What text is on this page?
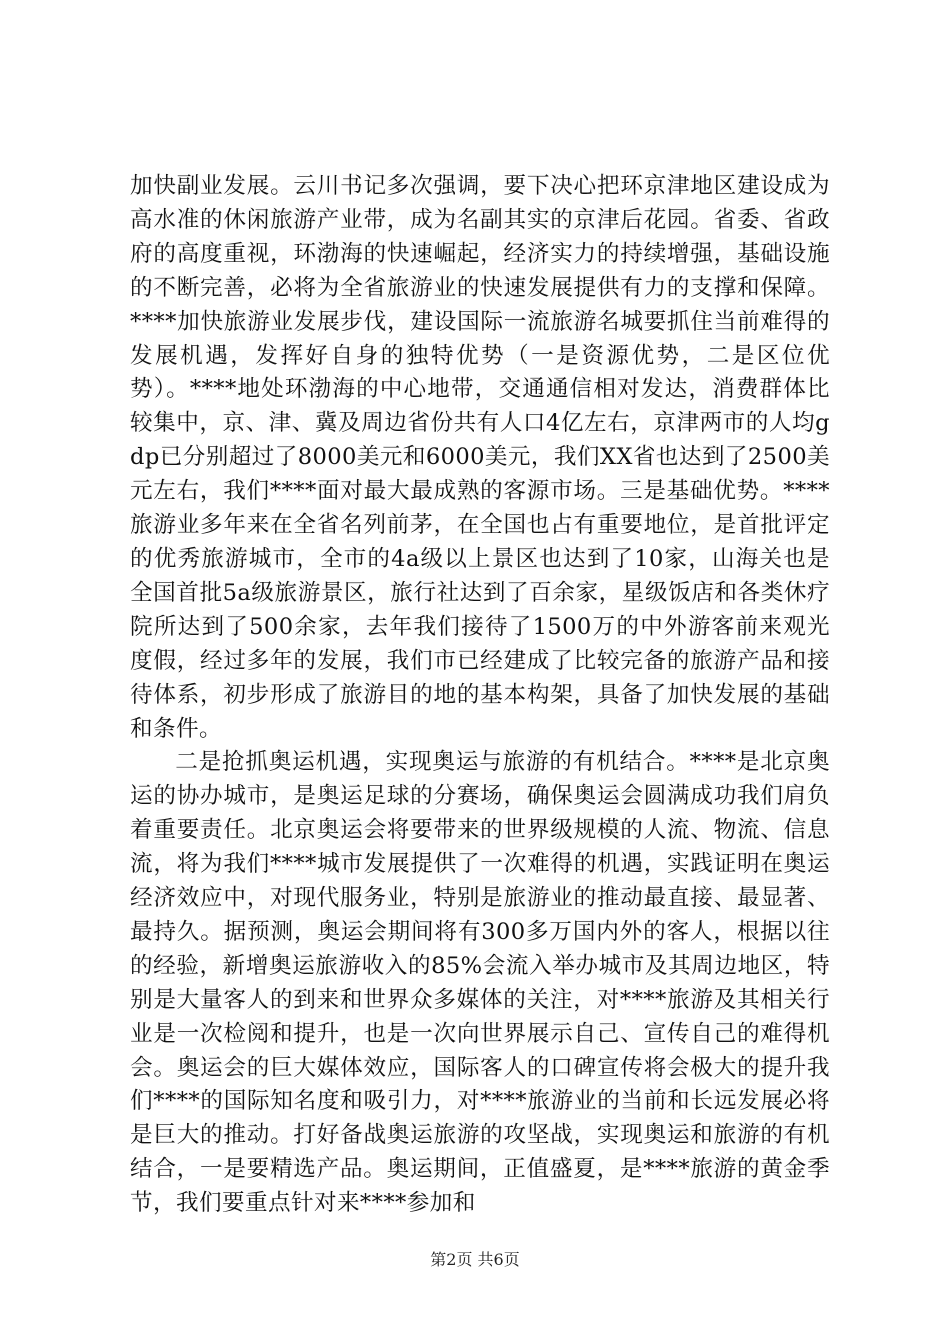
加快副业发展。云川书记多次强调，要下决心把环京津地区建设成为高水准的休闲旅游产业带，成为名副其实的京津后花园。省委、省政府的高度重视，环渤海的快速崛起，经济实力的持续增强，基础设施的不断完善，必将为全省旅游业的快速发展提供有力的支撑和保障。****加快旅游业发展步伐，建设国际一流旅游名城要抓住当前难得的发展机遇，发挥好自身的独特优势（一是资源优势，二是区位优势）。****地处环渤海的中心地带，交通通信相对发达，消费群体比较集中，京、津、冀及周边省份共有人口4亿左右，京津两市的人均gdp已分别超过了8000美元和6000美元，我们XX省也达到了2500美元左右，我们****面对最大最成熟的客源市场。三是基础优势。****旅游业多年来在全省名列前茅，在全国也占有重要地位，是首批评定的优秀旅游城市，全市的4a级以上景区也达到了10家，山海关也是全国首批5a级旅游景区，旅行社达到了百余家，星级饭店和各类休疗院所达到了500余家，去年我们接待了1500万的中外游客前来观光度假，经过多年的发展，我们市已经建成了比较完备的旅游产品和接待体系，初步形成了旅游目的地的基本构架，具备了加快发展的基础和条件。

二是抢抓奥运机遇，实现奥运与旅游的有机结合。****是北京奥运的协办城市，是奥运足球的分赛场，确保奥运会圆满成功我们肩负着重要责任。北京奥运会将要带来的世界级规模的人流、物流、信息流，将为我们****城市发展提供了一次难得的机遇，实践证明在奥运经济效应中，对现代服务业，特别是旅游业的推动最直接、最显著、最持久。据预测，奥运会期间将有300多万国内外的客人，根据以往的经验，新增奥运旅游收入的85%会流入举办城市及其周边地区，特别是大量客人的到来和世界众多媒体的关注，对****旅游及其相关行业是一次检阅和提升，也是一次向世界展示自己、宣传自己的难得机会。奥运会的巨大媒体效应，国际客人的口碑宣传将会极大的提升我们****的国际知名度和吸引力，对****旅游业的当前和长远发展必将是巨大的推动。打好备战奥运旅游的攻坚战，实现奥运和旅游的有机结合，一是要精选产品。奥运期间，正值盛夏，是****旅游的黄金季节，我们要重点针对来****参加和

第2页 共6页
